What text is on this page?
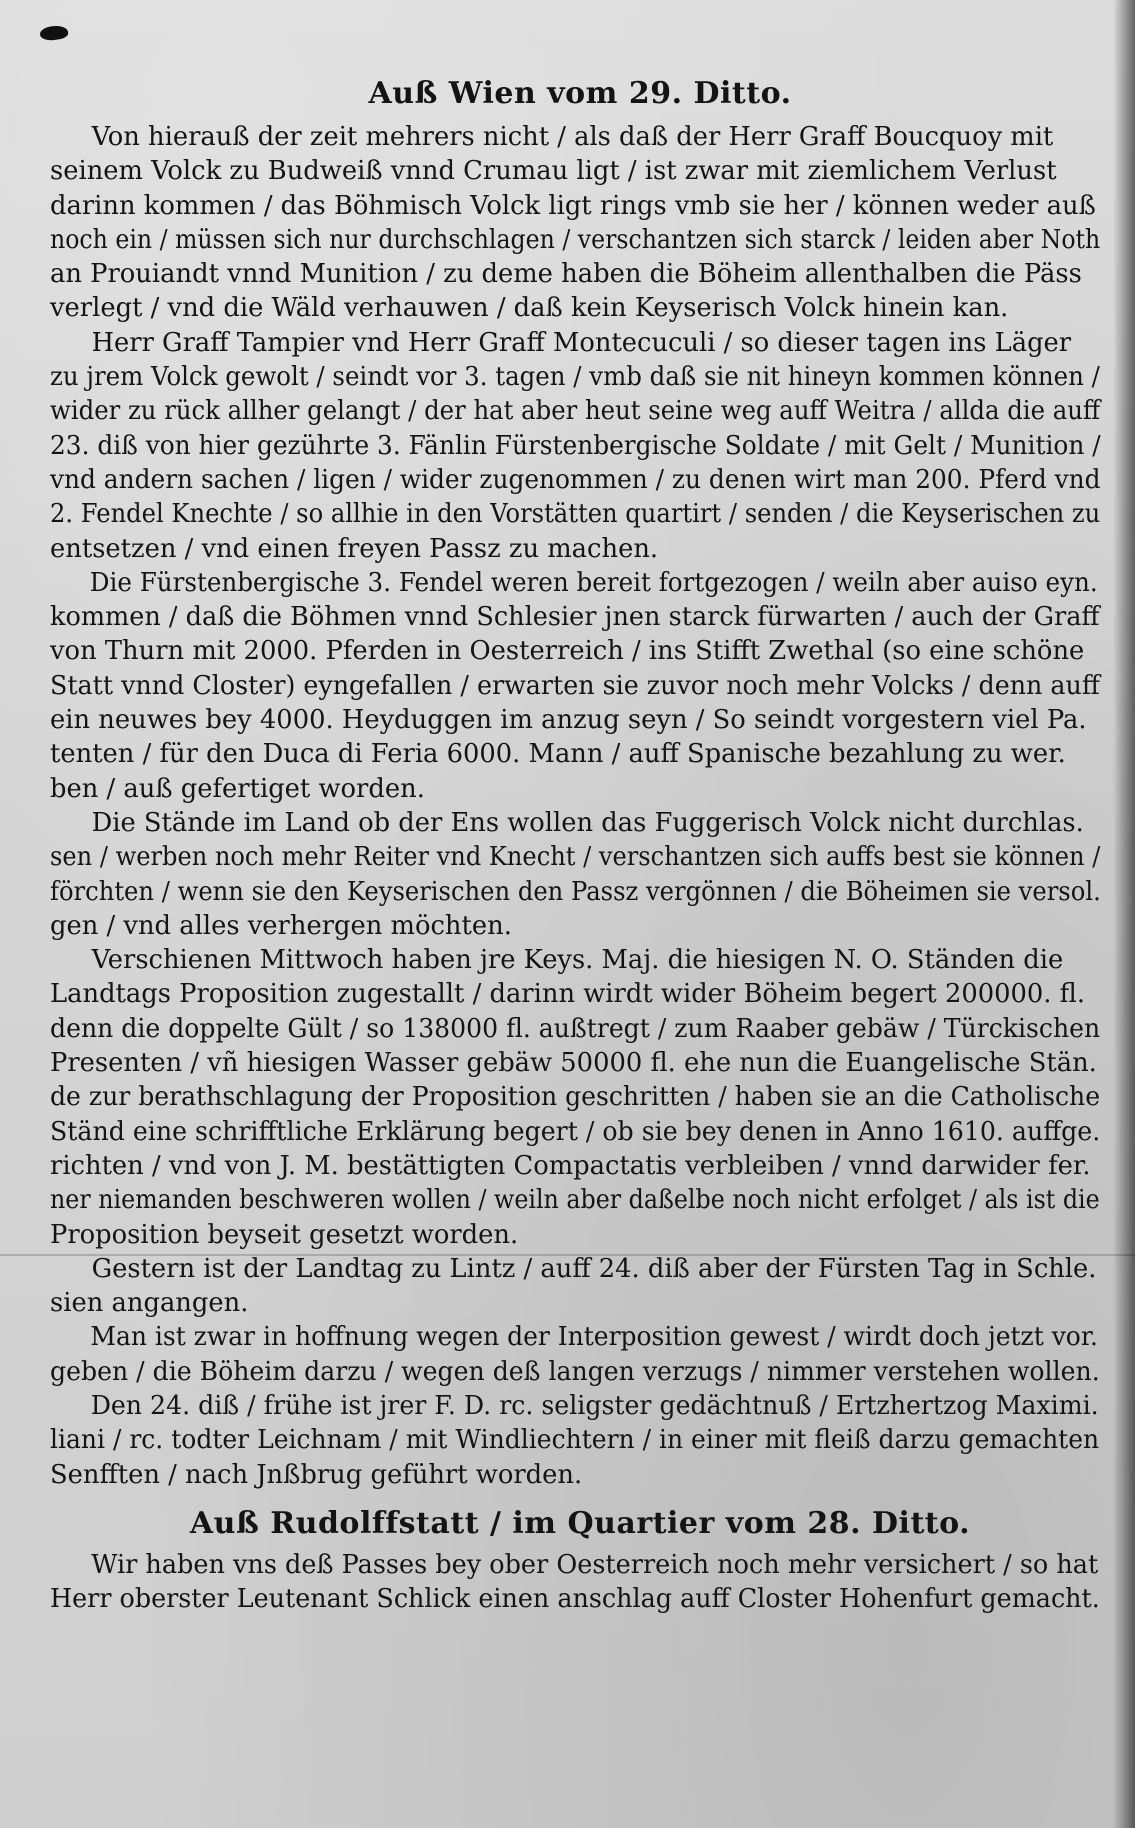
Auß Wien vom 29. Ditto.

Von hierauß der zeit mehrers nicht / als daß der Herr Graff Boucquoy mit
seinem Volck zu Budweiß vnnd Crumau ligt / ist zwar mit ziemlichem Verlust
darinn kommen / das Böhmisch Volck ligt rings vmb sie her / können weder auß
noch ein / müssen sich nur durchschlagen / verschantzen sich starck / leiden aber Noth
an Prouiandt vnnd Munition / zu deme haben die Böheim allenthalben die Päss
verlegt / vnd die Wäld verhauwen / daß kein Keyserisch Volck hinein kan.

Herr Graff Tampier vnd Herr Graff Montecuculi / so dieser tagen ins Läger
zu jrem Volck gewolt / seindt vor 3. tagen / vmb daß sie nit hineyn kommen können /
wider zu rück allher gelangt / der hat aber heut seine weg auff Weitra / allda die auff
23. diß von hier gezührte 3. Fänlin Fürstenbergische Soldate / mit Gelt / Munition /
vnd andern sachen / ligen / wider zugenommen / zu denen wirt man 200. Pferd vnd
2. Fendel Knechte / so allhie in den Vorstätten quartirt / senden / die Keyserischen zu
entsetzen / vnd einen freyen Passz zu machen.

Die Fürstenbergische 3. Fendel weren bereit fortgezogen / weiln aber auiso eyn.
kommen / daß die Böhmen vnnd Schlesier jnen starck fürwarten / auch der Graff
von Thurn mit 2000. Pferden in Oesterreich / ins Stifft Zwethal (so eine schöne
Statt vnnd Closter) eyngefallen / erwarten sie zuvor noch mehr Volcks / denn auff
ein neuwes bey 4000. Heyduggen im anzug seyn / So seindt vorgestern viel Pa.
tenten / für den Duca di Feria 6000. Mann / auff Spanische bezahlung zu wer.
ben / auß gefertiget worden.

Die Stände im Land ob der Ens wollen das Fuggerisch Volck nicht durchlas.
sen / werben noch mehr Reiter vnd Knecht / verschantzen sich auffs best sie können /
förchten / wenn sie den Keyserischen den Passz vergönnen / die Böheimen sie versol.
gen / vnd alles verhergen möchten.

Verschienen Mittwoch haben jre Keys. Maj. die hiesigen N. O. Ständen die
Landtags Proposition zugestallt / darinn wirdt wider Böheim begert 200000. fl.
denn die doppelte Gült / so 138000 fl. außtregt / zum Raaber gebäw / Türckischen
Presenten / vñ hiesigen Wasser gebäw 50000 fl. ehe nun die Euangelische Stän.
de zur berathschlagung der Proposition geschritten / haben sie an die Catholische
Ständ eine schrifftliche Erklärung begert / ob sie bey denen in Anno 1610. auffge.
richten / vnd von J. M. bestättigten Compactatis verbleiben / vnnd darwider fer.
ner niemanden beschweren wollen / weiln aber daßelbe noch nicht erfolget / als ist die
Proposition beyseit gesetzt worden.

Gestern ist der Landtag zu Lintz / auff 24. diß aber der Fürsten Tag in Schle.
sien angangen.

Man ist zwar in hoffnung wegen der Interposition gewest / wirdt doch jetzt vor.
geben / die Böheim darzu / wegen deß langen verzugs / nimmer verstehen wollen.

Den 24. diß / frühe ist jrer F. D. rc. seligster gedächtnuß / Ertzhertzog Maximi.
liani / rc. todter Leichnam / mit Windliechtern / in einer mit fleiß darzu gemachten
Senfften / nach Jnßbrug geführt worden.

Auß Rudolffstatt / im Quartier vom 28. Ditto.

Wir haben vns deß Passes bey ober Oesterreich noch mehr versichert / so hat
Herr oberster Leutenant Schlick einen anschlag auff Closter Hohenfurt gemacht.
